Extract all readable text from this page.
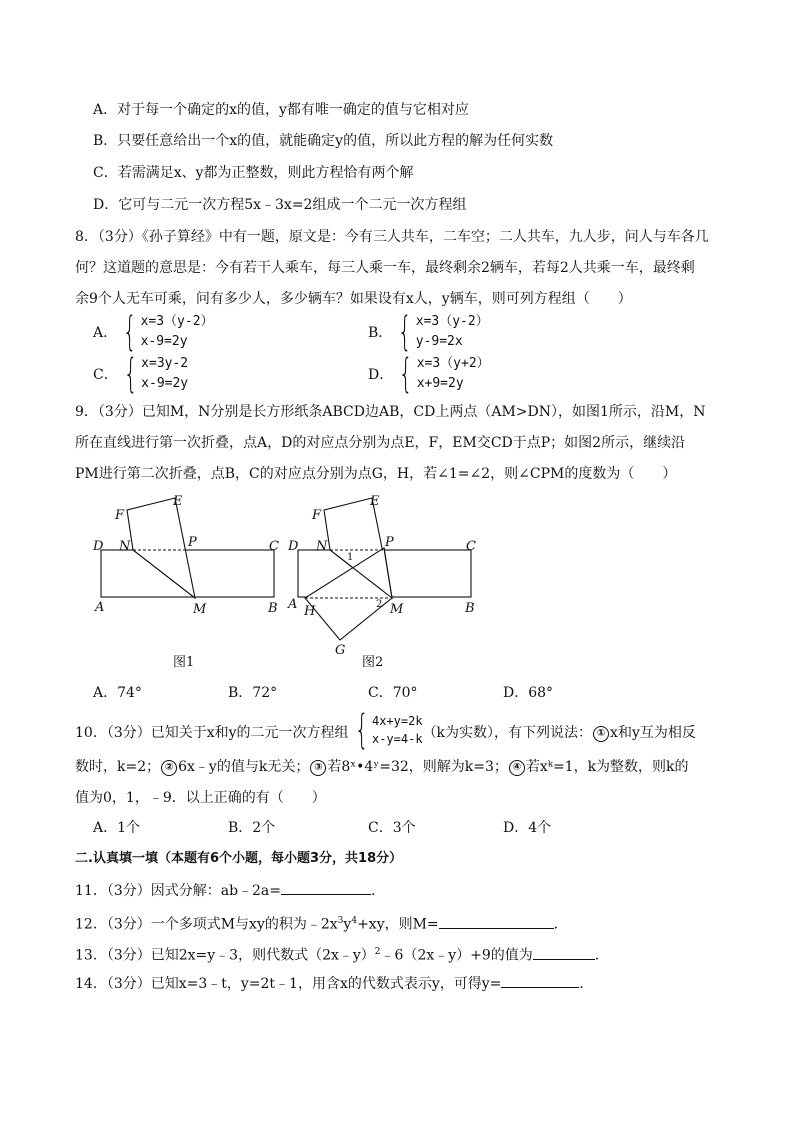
A．对于每一个确定的x的值，y都有唯一确定的值与它相对应
B．只要任意给出一个x的值，就能确定y的值，所以此方程的解为任何实数
C．若需满足x、y都为正整数，则此方程恰有两个解
D．它可与二元一次方程5x﹣3x=2组成一个二元一次方程组
8．（3分）《孙子算经》中有一题，原文是：今有三人共车，二车空；二人共车，九人步，问人与车各几
何？这道题的意思是：今有若干人乘车，每三人乘一车，最终剩余2辆车，若每2人共乘一车，最终剩
余9个人无车可乘，问有多少人，多少辆车？如果设有x人，y辆车，则可列方程组（　　）
A． { x=3（y-2）
x-9=2y
B． { x=3（y-2）
y-9=2x
C． { x=3y-2
x-9=2y
D． { x=3（y+2）
x+9=2y
9．（3分）已知M，N分别是长方形纸条ABCD边AB，CD上两点（AM>DN），如图1所示，沿M，N
所在直线进行第一次折叠，点A，D的对应点分别为点E，F，EM交CD于点P；如图2所示，继续沿
PM进行第二次折叠，点B，C的对应点分别为点G，H，若∠1=∠2，则∠CPM的度数为（　　）
F
E
D N	P	C
A	M	B
图1
F
E
D N	P	C
A H	M	B
G
1
2
图2
A．74°	B．72°	C．70°	D．68°
10．（3分）已知关于x和y的二元一次方程组 { 4x+y=2k
x-y=4-k （k为实数），有下列说法： ① x和y互为相反
数时，k=2； ② 6x﹣y的值与k无关； ③ 若8ˣ•4ʸ=32，则解为k=3； ④ 若xᵏ=1，k为整数，则k的
值为0，1，﹣9．以上正确的有（　　）
A．1个	B．2个	C．3个	D．4个
二.认真填一填（本题有6个小题，每小题3分，共18分）
11．（3分）因式分解：ab﹣2a=	．
12．（3分）一个多项式M与xy的积为$﹣2x^3y^4+xy$，则M=	．
13．（3分）已知2x=y﹣3，则代数式（2x﹣y）$^2$﹣6（2x﹣y）+9的值为	．
14．（3分）已知x=3﹣t，y=2t﹣1，用含x的代数式表示y，可得y=	．
